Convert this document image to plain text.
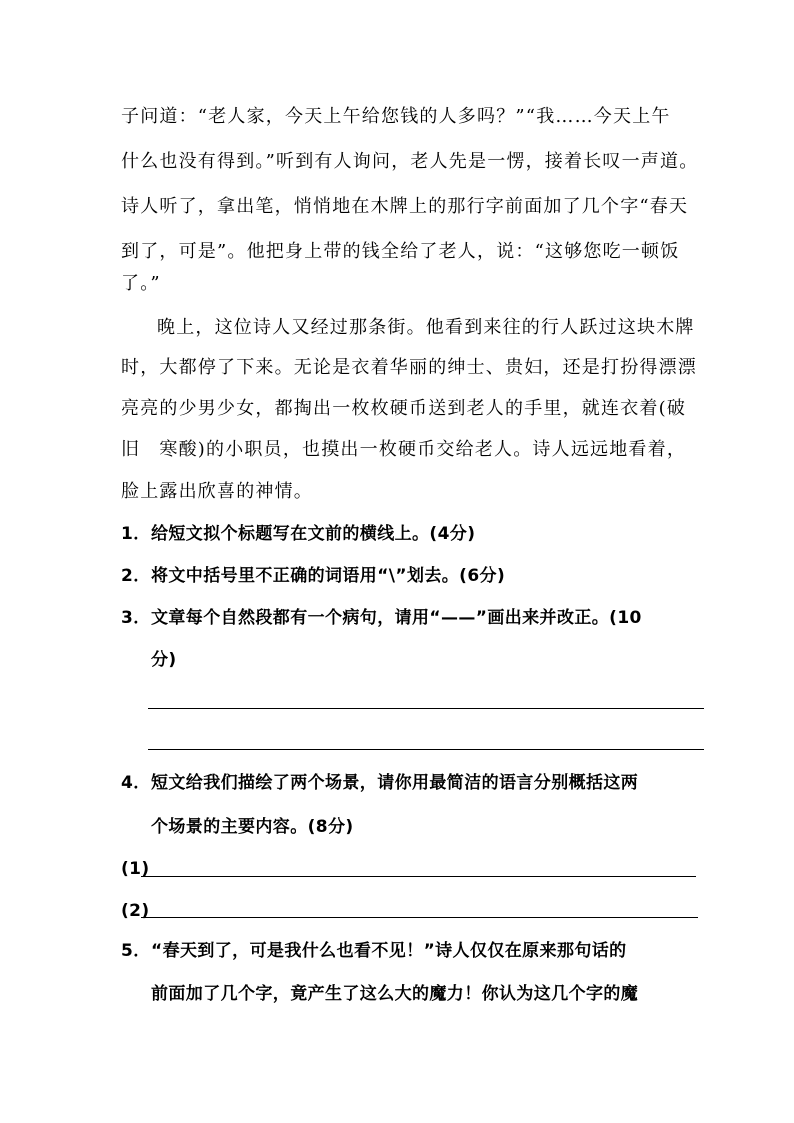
子问道：“老人家，今天上午给您钱的人多吗？”“我……今天上午
什么也没有得到。”听到有人询问，老人先是一愣，接着长叹一声道。
诗人听了，拿出笔，悄悄地在木牌上的那行字前面加了几个字“春天
到了，可是”。他把身上带的钱全给了老人，说：“这够您吃一顿饭
了。”
晚上，这位诗人又经过那条街。他看到来往的行人跃过这块木牌
时，大都停了下来。无论是衣着华丽的绅士、贵妇，还是打扮得漂漂
亮亮的少男少女，都掏出一枚枚硬币送到老人的手里，就连衣着(破
旧　寒酸)的小职员，也摸出一枚硬币交给老人。诗人远远地看着，
脸上露出欣喜的神情。
1．给短文拟个标题写在文前的横线上。(4分)
2．将文中括号里不正确的词语用“\”划去。(6分)
3．文章每个自然段都有一个病句，请用“——”画出来并改正。(10
分)
4．短文给我们描绘了两个场景，请你用最简洁的语言分别概括这两
个场景的主要内容。(8分)
(1)
(2)
5．“春天到了，可是我什么也看不见！”诗人仅仅在原来那句话的
前面加了几个字，竟产生了这么大的魔力！你认为这几个字的魔
